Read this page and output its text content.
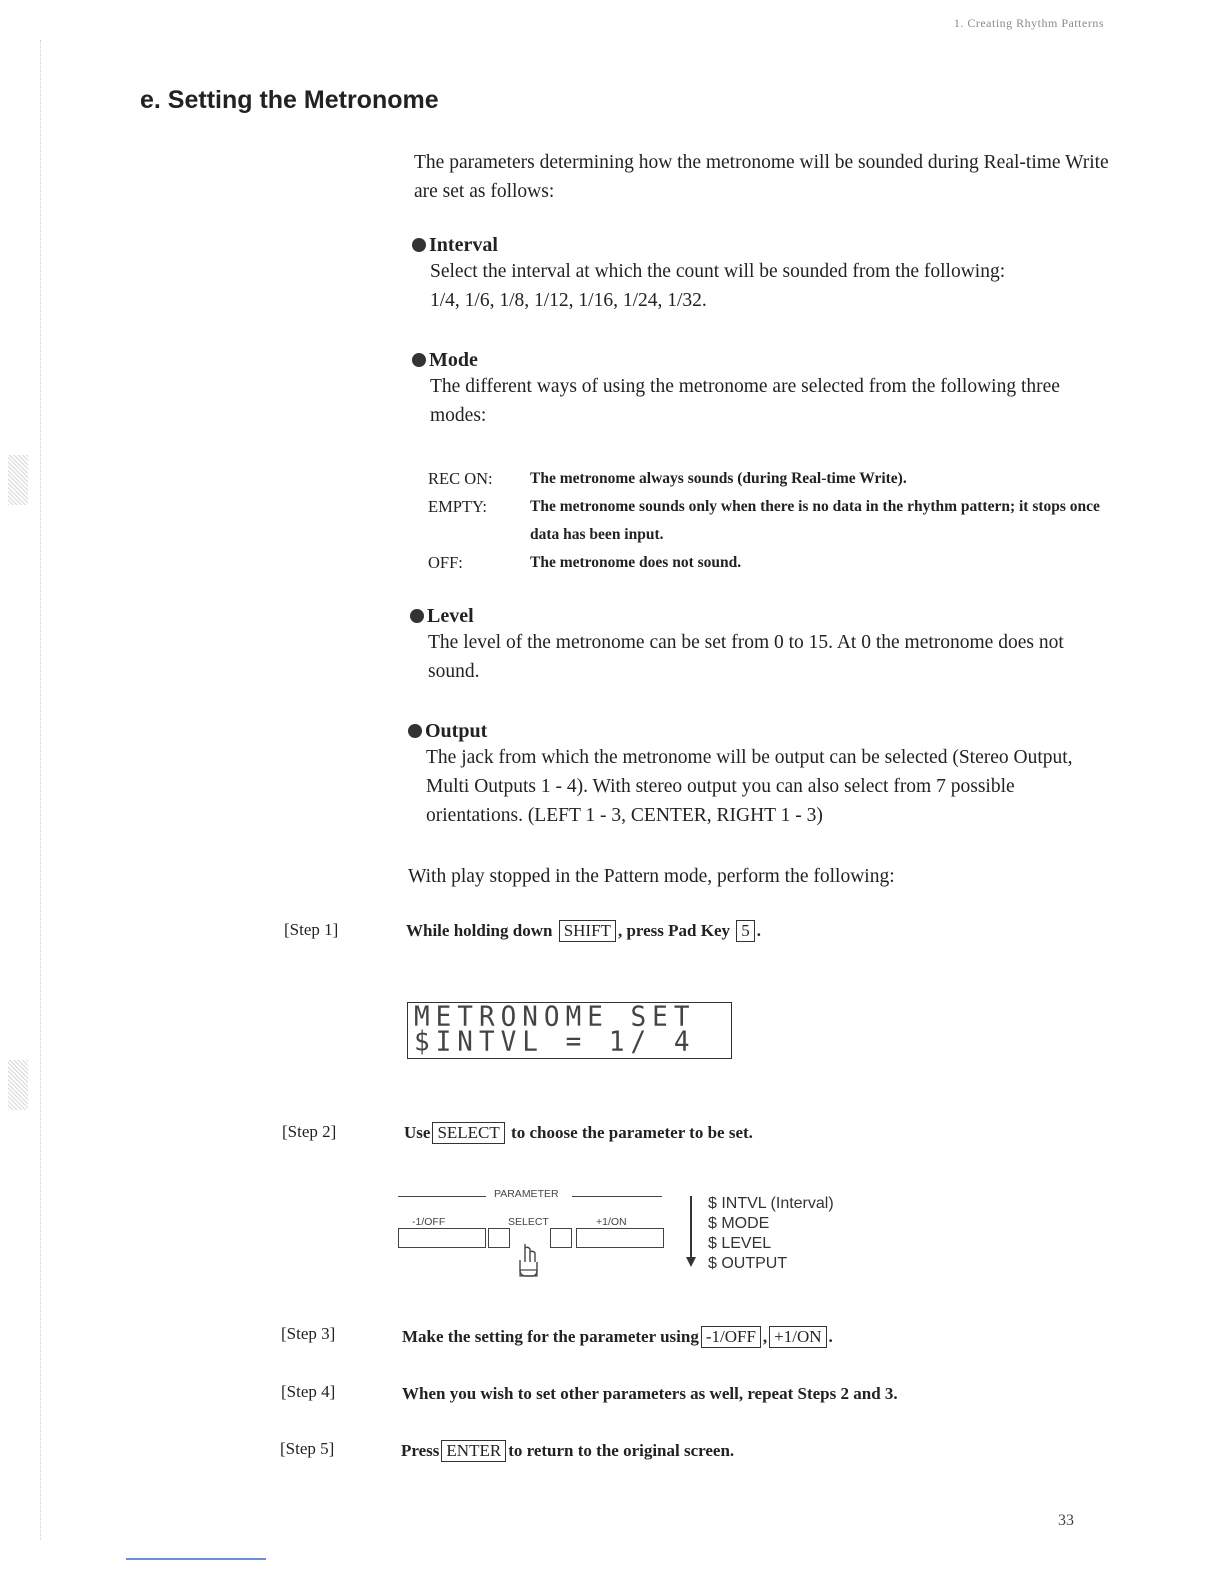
1. Creating Rhythm Patterns
e. Setting the Metronome
The parameters determining how the metronome will be sounded during Real-time Write are set as follows:
Interval
Select the interval at which the count will be sounded from the following:
1/4, 1/6, 1/8, 1/12, 1/16, 1/24, 1/32.
Mode
The different ways of using the metronome are selected from the following three modes:
REC ON: The metronome always sounds (during Real-time Write).
EMPTY:	The metronome sounds only when there is no data in the rhythm pattern; it stops once data has been input.
OFF:	The metronome does not sound.
Level
The level of the metronome can be set from 0 to 15. At 0 the metronome does not sound.
Output
The jack from which the metronome will be output can be selected (Stereo Output, Multi Outputs 1 - 4). With stereo output you can also select from 7 possible orientations. (LEFT 1 - 3, CENTER, RIGHT 1 - 3)
With play stopped in the Pattern mode, perform the following:
[Step 1]	While holding down SHIFT , press Pad Key 5 .
METRONOME SET
$INTVL = 1/ 4
[Step 2]	Use SELECT to choose the parameter to be set.
PARAMETER
-1/OFF	SELECT	+1/ON
$ INTVL (Interval)
$ MODE
$ LEVEL
$ OUTPUT
[Step 3]	Make the setting for the parameter using -1/OFF , +1/ON .
[Step 4]	When you wish to set other parameters as well, repeat Steps 2 and 3.
[Step 5]	Press ENTER to return to the original screen.
33
